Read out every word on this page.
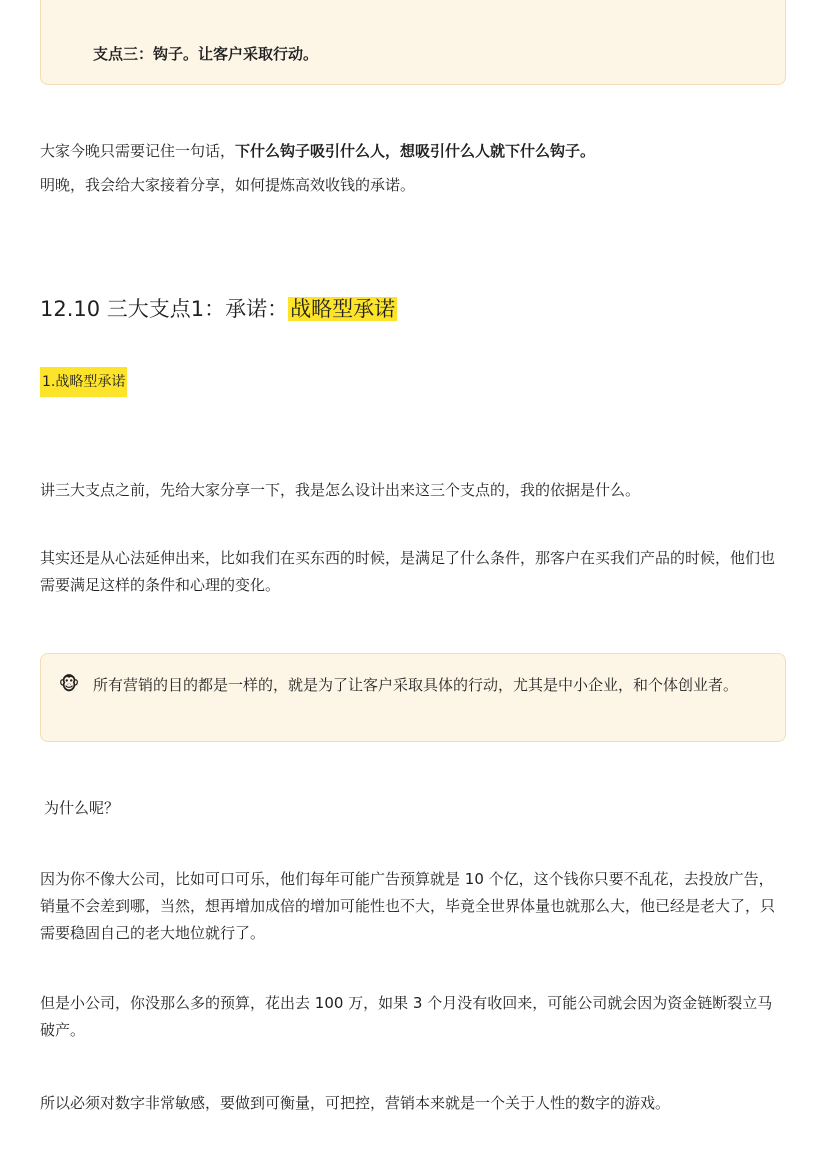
支点三：钩子。让客户采取行动。

大家今晚只需要记住一句话，下什么钩子吸引什么人，想吸引什么人就下什么钩子。

明晚，我会给大家接着分享，如何提炼高效收钱的承诺。

12.10 三大支点1：承诺：战略型承诺
1.战略型承诺

讲三大支点之前，先给大家分享一下，我是怎么设计出来这三个支点的，我的依据是什么。

其实还是从心法延伸出来，比如我们在买东西的时候，是满足了什么条件，那客户在买我们产品的时候，他们也需要满足这样的条件和心理的变化。

🐵 所有营销的目的都是一样的，就是为了让客户采取具体的行动，尤其是中小企业，和个体创业者。

为什么呢？

因为你不像大公司，比如可口可乐，他们每年可能广告预算就是 10 个亿，这个钱你只要不乱花，去投放广告，销量不会差到哪，当然，想再增加成倍的增加可能性也不大，毕竟全世界体量也就那么大，他已经是老大了，只需要稳固自己的老大地位就行了。

但是小公司，你没那么多的预算，花出去 100 万，如果 3 个月没有收回来，可能公司就会因为资金链断裂立马破产。

所以必须对数字非常敏感，要做到可衡量，可把控，营销本来就是一个关于人性的数字的游戏。
